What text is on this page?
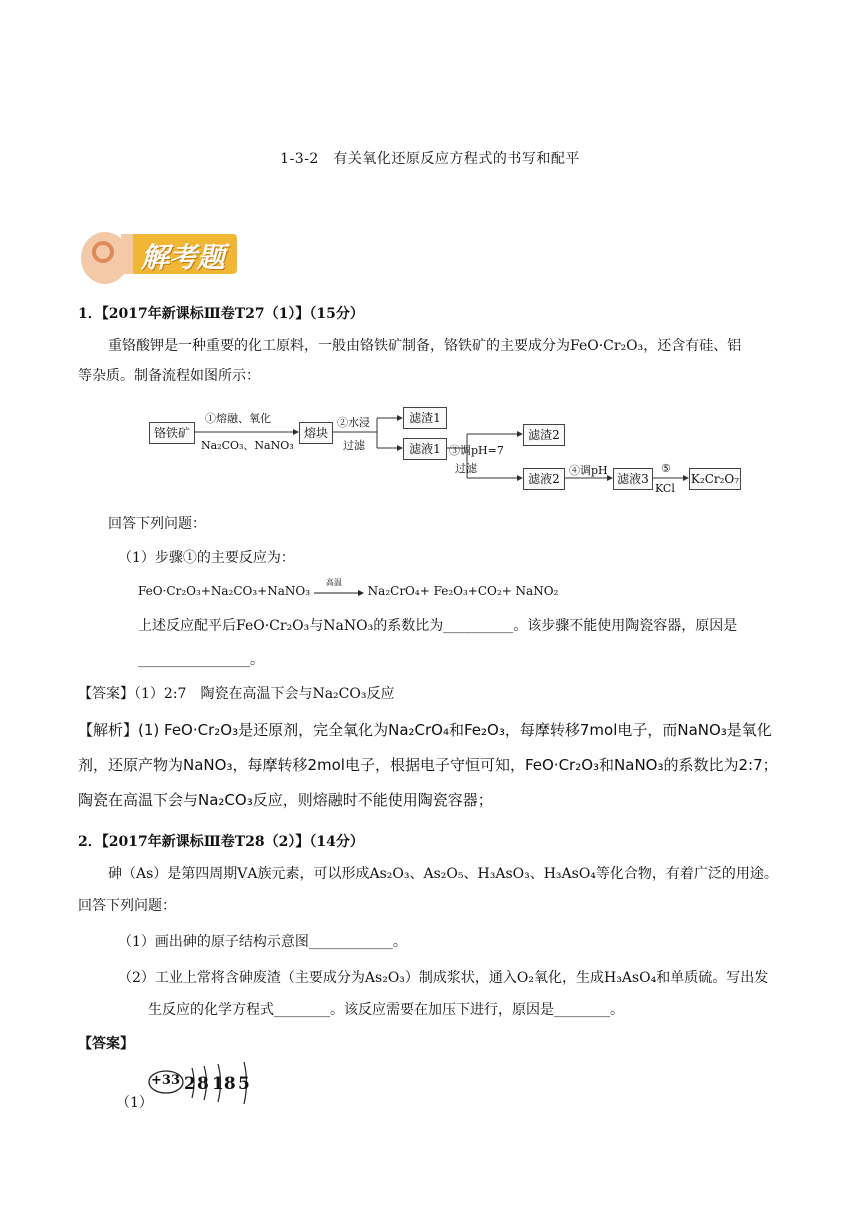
1-3-2　有关氧化还原反应方程式的书写和配平
解考题
1．【2017年新课标Ⅲ卷T27（1）】（15分）
重铬酸钾是一种重要的化工原料，一般由铬铁矿制备，铬铁矿的主要成分为FeO·Cr₂O₃，还含有硅、铝
等杂质。制备流程如图所示：
铬铁矿
①熔融、氧化
Na₂CO₃、NaNO₃
熔块
②水浸
过滤
滤渣1
滤液1 ③调pH=7
过滤
滤渣2
滤液2
④调pH
滤液3
⑤
KCl
K₂Cr₂O₇
回答下列问题：
（1）步骤①的主要反应为：
FeO·Cr₂O₃+Na₂CO₃+NaNO₃
高温
Na₂CrO₄+ Fe₂O₃+CO₂+ NaNO₂
上述反应配平后FeO·Cr₂O₃与NaNO₃的系数比为__________。该步骤不能使用陶瓷容器，原因是
________________。
【答案】（1）2:7　陶瓷在高温下会与Na₂CO₃反应
【解析】(1) FeO·Cr₂O₃是还原剂，完全氧化为Na₂CrO₄和Fe₂O₃，每摩转移7mol电子，而NaNO₃是氧化
剂，还原产物为NaNO₃，每摩转移2mol电子，根据电子守恒可知，FeO·Cr₂O₃和NaNO₃的系数比为2:7；
陶瓷在高温下会与Na₂CO₃反应，则熔融时不能使用陶瓷容器；
2．【2017年新课标Ⅲ卷T28（2）】（14分）
砷（As）是第四周期ⅤA族元素，可以形成As₂O₃、As₂O₅、H₃AsO₃、H₃AsO₄等化合物，有着广泛的用途。
回答下列问题：
（1）画出砷的原子结构示意图____________。
（2）工业上常将含砷废渣（主要成分为As₂O₃）制成浆状，通入O₂氧化，生成H₃AsO₄和单质硫。写出发
生反应的化学方程式________。该反应需要在加压下进行，原因是________。
【答案】
（1）
+33 2 8 18 5
